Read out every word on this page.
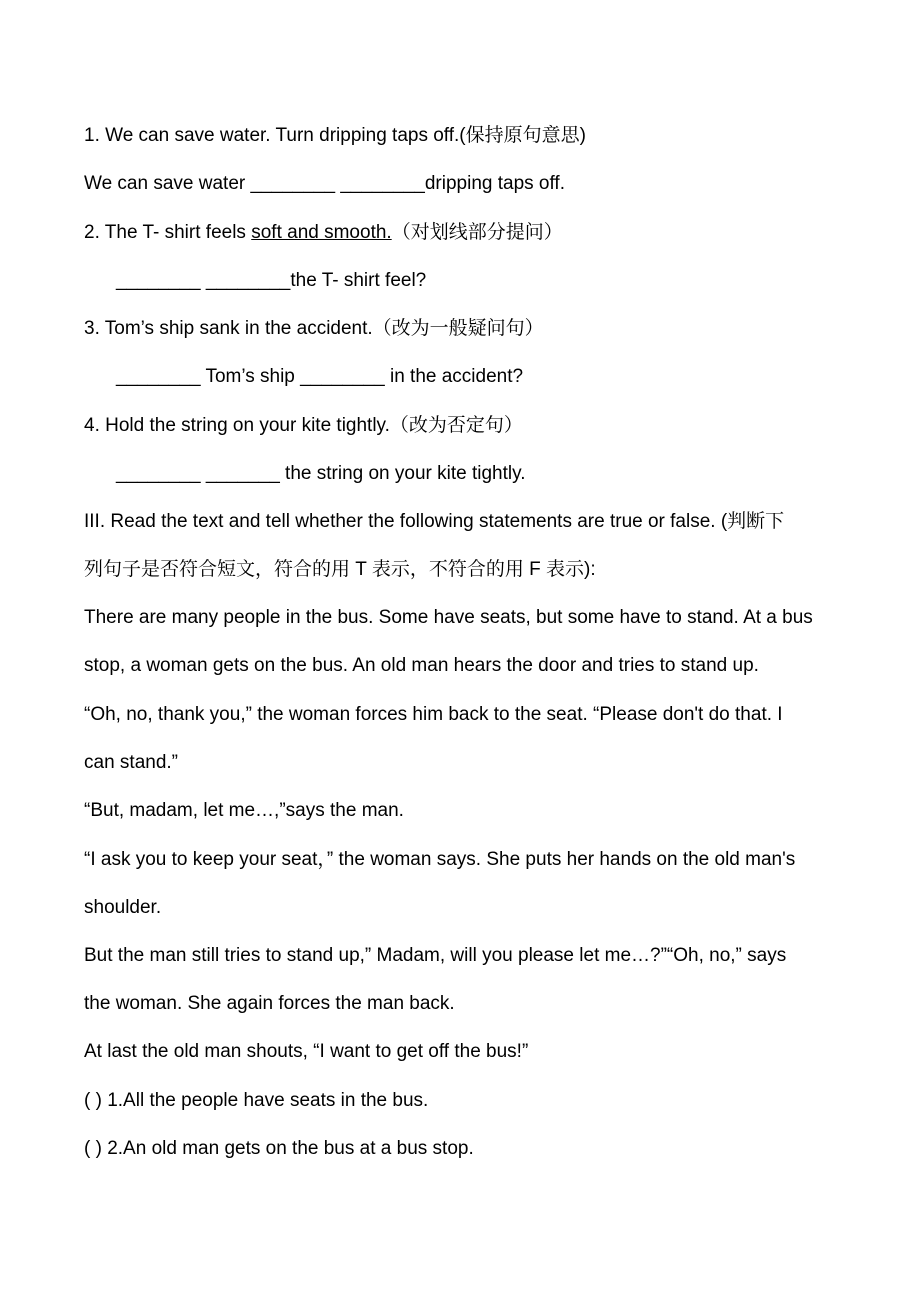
1. We can save water. Turn dripping taps off.(保持原句意思)
We can save water ________ ________dripping taps off.
2. The T- shirt feels soft and smooth.（对划线部分提问）
________ ________the T- shirt feel?
3. Tom’s ship sank in the accident.（改为一般疑问句）
________ Tom’s ship ________ in the accident?
4. Hold the string on your kite tightly.（改为否定句）
________ _______ the string on your kite tightly.
III. Read the text and tell whether the following statements are true or false. (判断下
列句子是否符合短文，符合的用 T 表示，不符合的用 F 表示):
There are many people in the bus. Some have seats, but some have to stand. At a bus
stop, a woman gets on the bus. An old man hears the door and tries to stand up.
“Oh, no, thank you,” the woman forces him back to the seat. “Please don't do that. I
can stand.”
“But, madam, let me…,”says the man.
“I ask you to keep your seat，” the woman says. She puts her hands on the old man's
shoulder.
But the man still tries to stand up,” Madam, will you please let me…?”“Oh, no,” says
the woman. She again forces the man back.
At last the old man shouts, “I want to get off the bus!”
( ) 1.All the people have seats in the bus.
( ) 2.An old man gets on the bus at a bus stop.
